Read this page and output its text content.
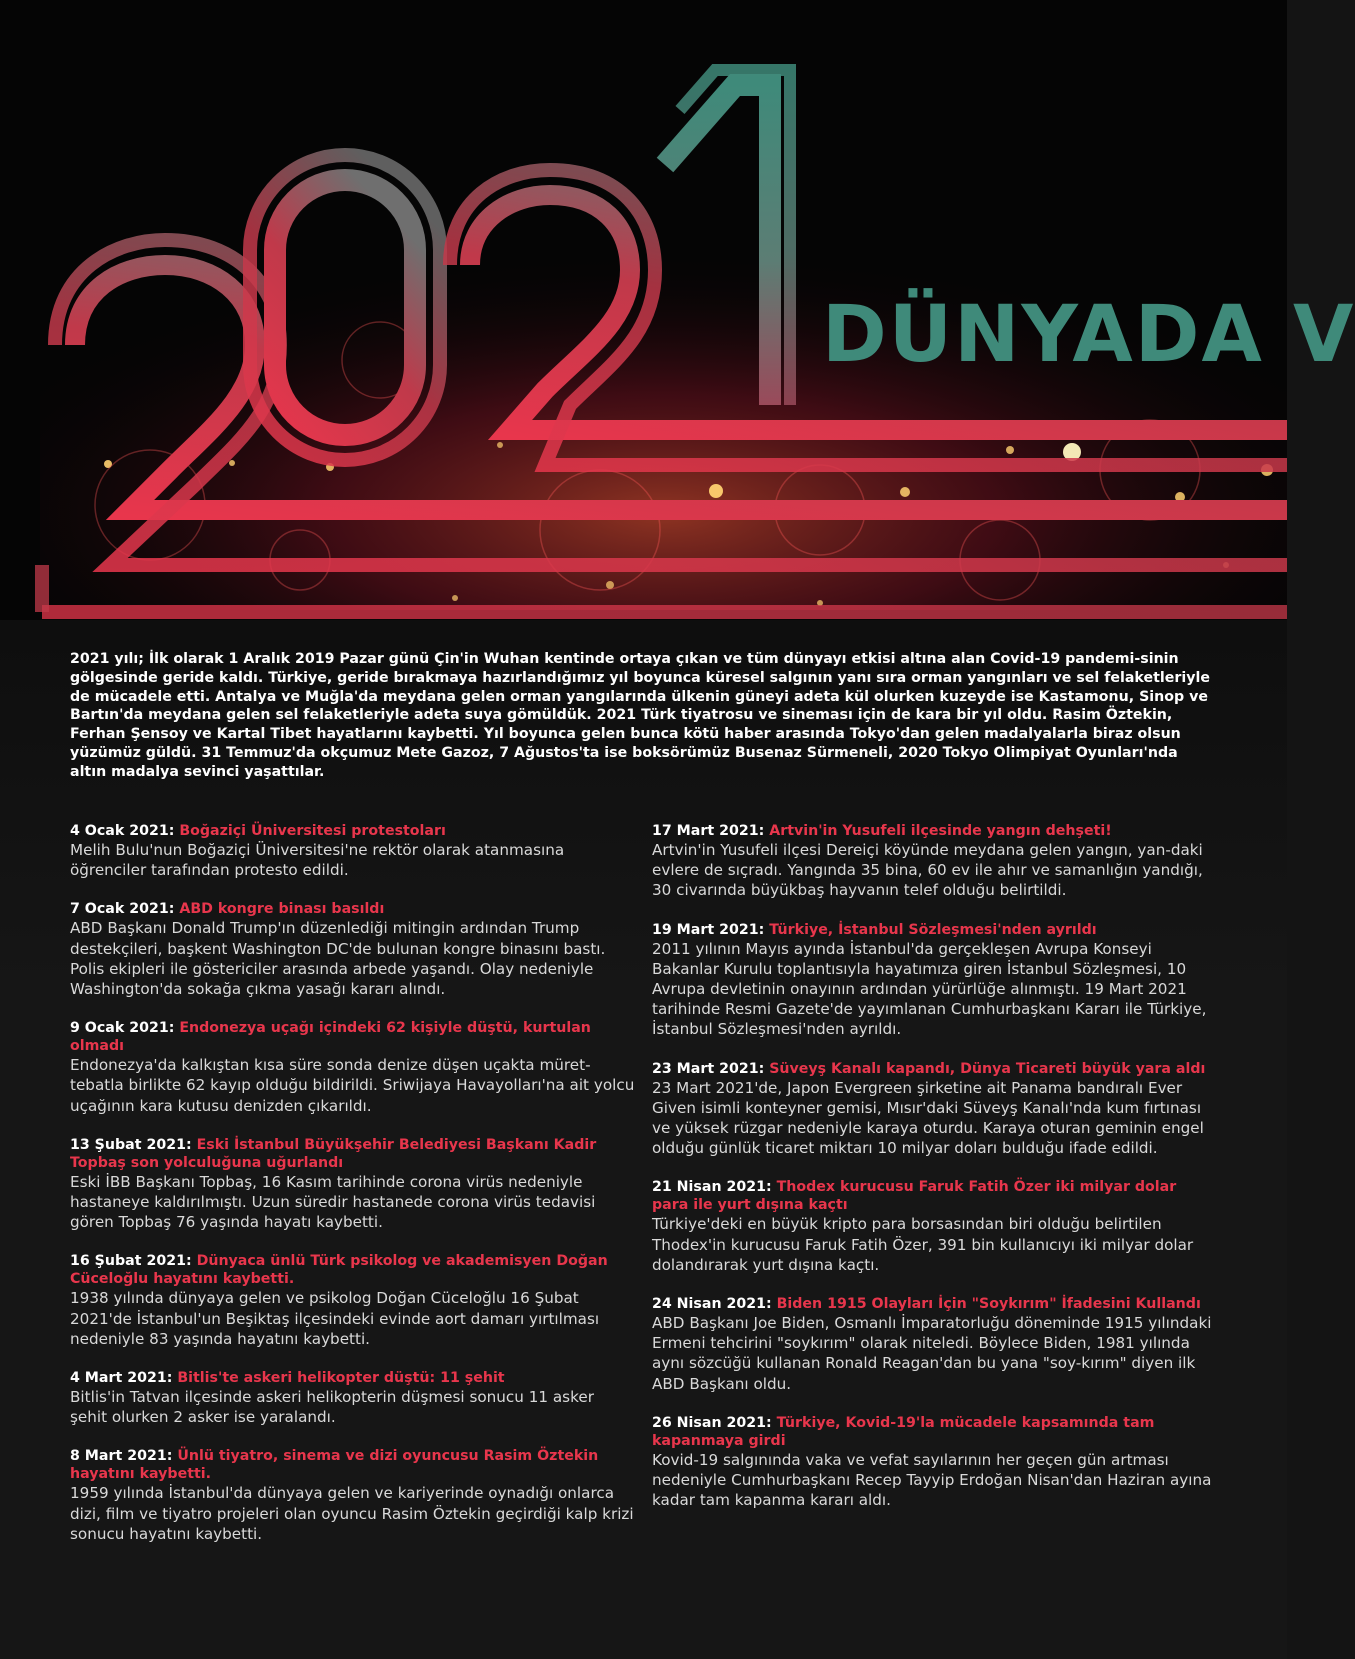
DÜNYADA V
2021 yılı; İlk olarak 1 Aralık 2019 Pazar günü Çin'in Wuhan kentinde ortaya çıkan ve tüm dünyayı etkisi altına alan Covid-19 pandemi-sinin gölgesinde geride kaldı. Türkiye, geride bırakmaya hazırlandığımız yıl boyunca küresel salgının yanı sıra orman yangınları ve sel felaketleriyle de mücadele etti. Antalya ve Muğla'da meydana gelen orman yangılarında ülkenin güneyi adeta kül olurken kuzeyde ise Kastamonu, Sinop ve Bartın'da meydana gelen sel felaketleriyle adeta suya gömüldük. 2021 Türk tiyatrosu ve sineması için de kara bir yıl oldu. Rasim Öztekin, Ferhan Şensoy ve Kartal Tibet hayatlarını kaybetti. Yıl boyunca gelen bunca kötü haber arasında Tokyo'dan gelen madalyalarla biraz olsun yüzümüz güldü. 31 Temmuz'da okçumuz Mete Gazoz, 7 Ağustos'ta ise boksörümüz Busenaz Sürmeneli, 2020 Tokyo Olimpiyat Oyunları'nda altın madalya sevinci yaşattılar.
4 Ocak 2021: Boğaziçi Üniversitesi protestoları
Melih Bulu'nun Boğaziçi Üniversitesi'ne rektör olarak atanmasına öğrenciler tarafından protesto edildi.
7 Ocak 2021: ABD kongre binası basıldı
ABD Başkanı Donald Trump'ın düzenlediği mitingin ardından Trump destekçileri, başkent Washington DC'de bulunan kongre binasını bastı. Polis ekipleri ile göstericiler arasında arbede yaşandı. Olay nedeniyle Washington'da sokağa çıkma yasağı kararı alındı.
9 Ocak 2021: Endonezya uçağı içindeki 62 kişiyle düştü, kurtulan olmadı
Endonezya'da kalkıştan kısa süre sonda denize düşen uçakta müret-tebatla birlikte 62 kayıp olduğu bildirildi. Sriwijaya Havayolları'na ait yolcu uçağının kara kutusu denizden çıkarıldı.
13 Şubat 2021: Eski İstanbul Büyükşehir Belediyesi Başkanı Kadir Topbaş son yolculuğuna uğurlandı
Eski İBB Başkanı Topbaş, 16 Kasım tarihinde corona virüs nedeniyle hastaneye kaldırılmıştı. Uzun süredir hastanede corona virüs tedavisi gören Topbaş 76 yaşında hayatı kaybetti.
16 Şubat 2021: Dünyaca ünlü Türk psikolog ve akademisyen Doğan Cüceloğlu hayatını kaybetti.
1938 yılında dünyaya gelen ve psikolog Doğan Cüceloğlu 16 Şubat 2021'de İstanbul'un Beşiktaş ilçesindeki evinde aort damarı yırtılması nedeniyle 83 yaşında hayatını kaybetti.
4 Mart 2021: Bitlis'te askeri helikopter düştü: 11 şehit
Bitlis'in Tatvan ilçesinde askeri helikopterin düşmesi sonucu 11 asker şehit olurken 2 asker ise yaralandı.
8 Mart 2021: Ünlü tiyatro, sinema ve dizi oyuncusu Rasim Öztekin hayatını kaybetti.
1959 yılında İstanbul'da dünyaya gelen ve kariyerinde oynadığı onlarca dizi, film ve tiyatro projeleri olan oyuncu Rasim Öztekin geçirdiği kalp krizi sonucu hayatını kaybetti.
17 Mart 2021: Artvin'in Yusufeli ilçesinde yangın dehşeti!
Artvin'in Yusufeli ilçesi Dereiçi köyünde meydana gelen yangın, yan-daki evlere de sıçradı. Yangında 35 bina, 60 ev ile ahır ve samanlığın yandığı, 30 civarında büyükbaş hayvanın telef olduğu belirtildi.
19 Mart 2021: Türkiye, İstanbul Sözleşmesi'nden ayrıldı
2011 yılının Mayıs ayında İstanbul'da gerçekleşen Avrupa Konseyi Bakanlar Kurulu toplantısıyla hayatımıza giren İstanbul Sözleşmesi, 10 Avrupa devletinin onayının ardından yürürlüğe alınmıştı. 19 Mart 2021 tarihinde Resmi Gazete'de yayımlanan Cumhurbaşkanı Kararı ile Türkiye, İstanbul Sözleşmesi'nden ayrıldı.
23 Mart 2021: Süveyş Kanalı kapandı, Dünya Ticareti büyük yara aldı
23 Mart 2021'de, Japon Evergreen şirketine ait Panama bandıralı Ever Given isimli konteyner gemisi, Mısır'daki Süveyş Kanalı'nda kum fırtınası ve yüksek rüzgar nedeniyle karaya oturdu. Karaya oturan geminin engel olduğu günlük ticaret miktarı 10 milyar doları bulduğu ifade edildi.
21 Nisan 2021: Thodex kurucusu Faruk Fatih Özer iki milyar dolar para ile yurt dışına kaçtı
Türkiye'deki en büyük kripto para borsasından biri olduğu belirtilen Thodex'in kurucusu Faruk Fatih Özer, 391 bin kullanıcıyı iki milyar dolar dolandırarak yurt dışına kaçtı.
24 Nisan 2021: Biden 1915 Olayları İçin "Soykırım" İfadesini Kullandı
ABD Başkanı Joe Biden, Osmanlı İmparatorluğu döneminde 1915 yılındaki Ermeni tehcirini "soykırım" olarak niteledi. Böylece Biden, 1981 yılında aynı sözcüğü kullanan Ronald Reagan'dan bu yana "soy-kırım" diyen ilk ABD Başkanı oldu.
26 Nisan 2021: Türkiye, Kovid-19'la mücadele kapsamında tam kapanmaya girdi
Kovid-19 salgınında vaka ve vefat sayılarının her geçen gün artması nedeniyle Cumhurbaşkanı Recep Tayyip Erdoğan Nisan'dan Haziran ayına kadar tam kapanma kararı aldı.
